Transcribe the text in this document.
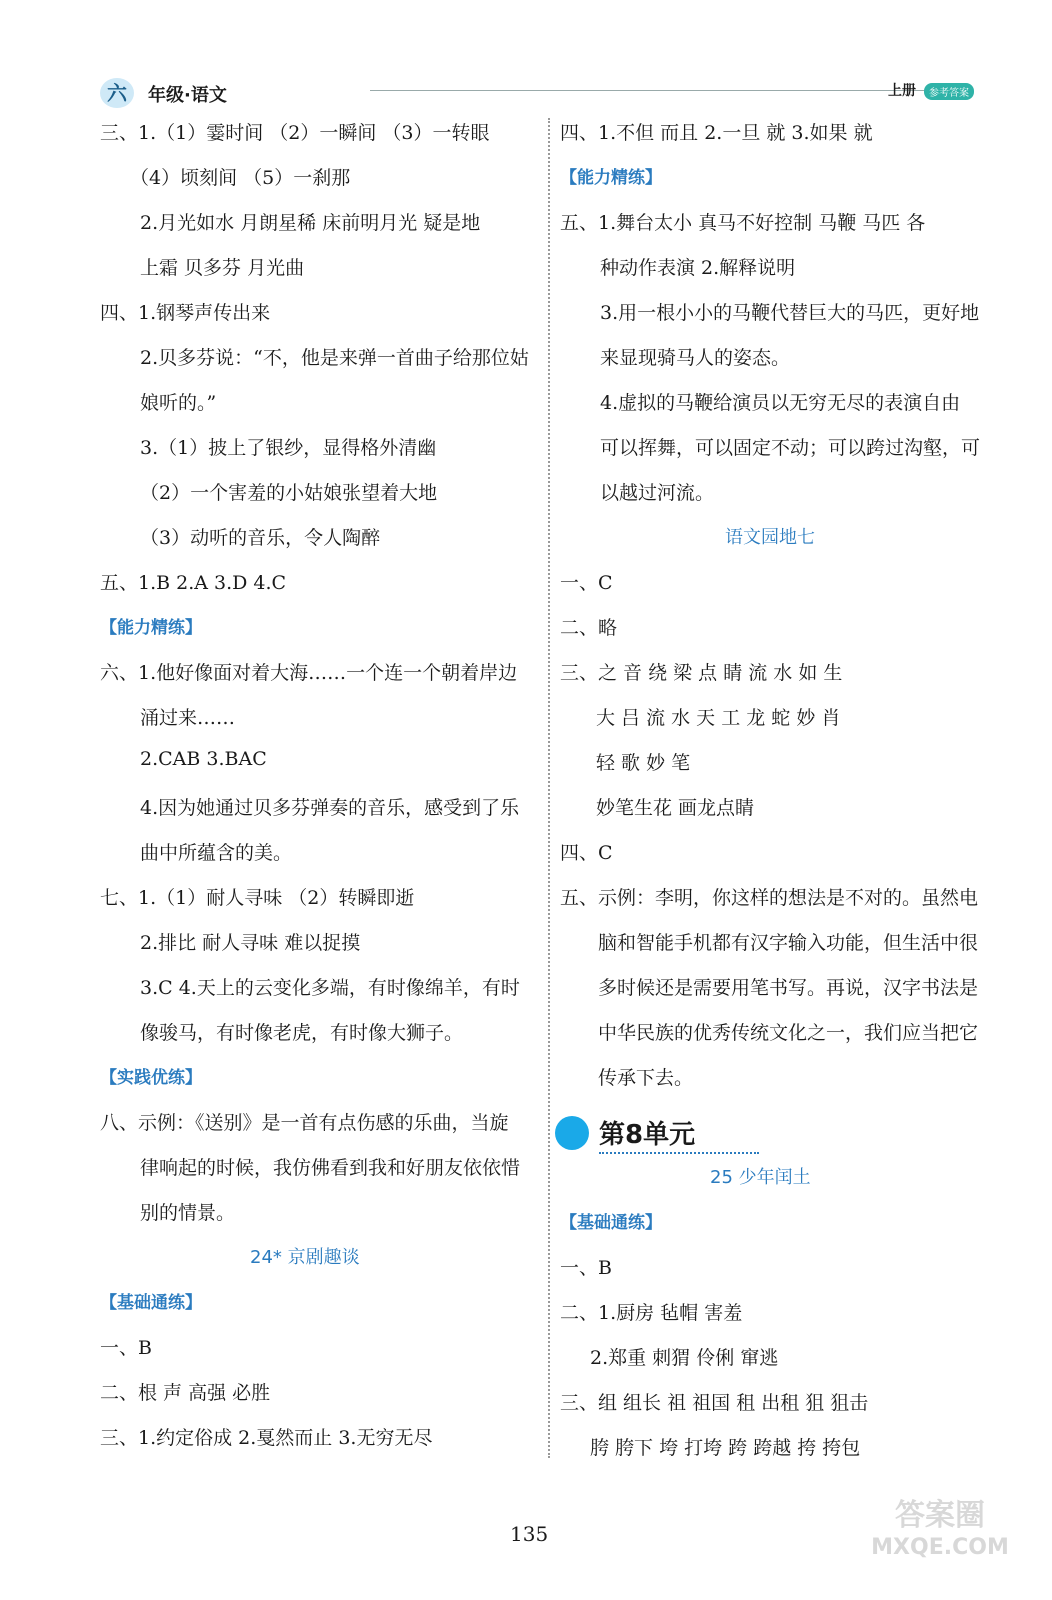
六	年级·语文	上册	参考答案
三、1.（1）霎时间 （2）一瞬间 （3）一转眼
（4）顷刻间 （5）一刹那
2.月光如水 月朗星稀 床前明月光 疑是地
上霜 贝多芬 月光曲
四、1.钢琴声传出来
2.贝多芬说：“不，他是来弹一首曲子给那位姑
娘听的。”
3.（1）披上了银纱，显得格外清幽
（2）一个害羞的小姑娘张望着大地
（3）动听的音乐，令人陶醉
五、1.B 2.A 3.D 4.C
【能力精练】
六、1.他好像面对着大海……一个连一个朝着岸边
涌过来……
2.CAB 3.BAC
4.因为她通过贝多芬弹奏的音乐，感受到了乐
曲中所蕴含的美。
七、1.（1）耐人寻味 （2）转瞬即逝
2.排比 耐人寻味 难以捉摸
3.C 4.天上的云变化多端，有时像绵羊，有时
像骏马，有时像老虎，有时像大狮子。
【实践优练】
八、示例：《送别》是一首有点伤感的乐曲，当旋
律响起的时候，我仿佛看到我和好朋友依依惜
别的情景。
24* 京剧趣谈
【基础通练】
一、B
二、根 声 高强 必胜
三、1.约定俗成 2.戛然而止 3.无穷无尽
四、1.不但 而且 2.一旦 就 3.如果 就
【能力精练】
五、1.舞台太小 真马不好控制 马鞭 马匹 各
种动作表演 2.解释说明
3.用一根小小的马鞭代替巨大的马匹，更好地
来显现骑马人的姿态。
4.虚拟的马鞭给演员以无穷无尽的表演自由
可以挥舞，可以固定不动；可以跨过沟壑，可
以越过河流。
语文园地七
一、C
二、略
三、之 音 绕 梁 点 睛 流 水 如 生
大 吕 流 水 天 工 龙 蛇 妙 肖
轻 歌 妙 笔
妙笔生花 画龙点睛
四、C
五、示例：李明，你这样的想法是不对的。虽然电
脑和智能手机都有汉字输入功能，但生活中很
多时候还是需要用笔书写。再说，汉字书法是
中华民族的优秀传统文化之一，我们应当把它
传承下去。
25 少年闰土
【基础通练】
一、B
二、1.厨房 毡帽 害羞
2.郑重 刺猬 伶俐 窜逃
三、组 组长 祖 祖国 租 出租 狙 狙击
胯 胯下 垮 打垮 跨 跨越 挎 挎包
第8单元
135
答案圈
MXQE.COM
